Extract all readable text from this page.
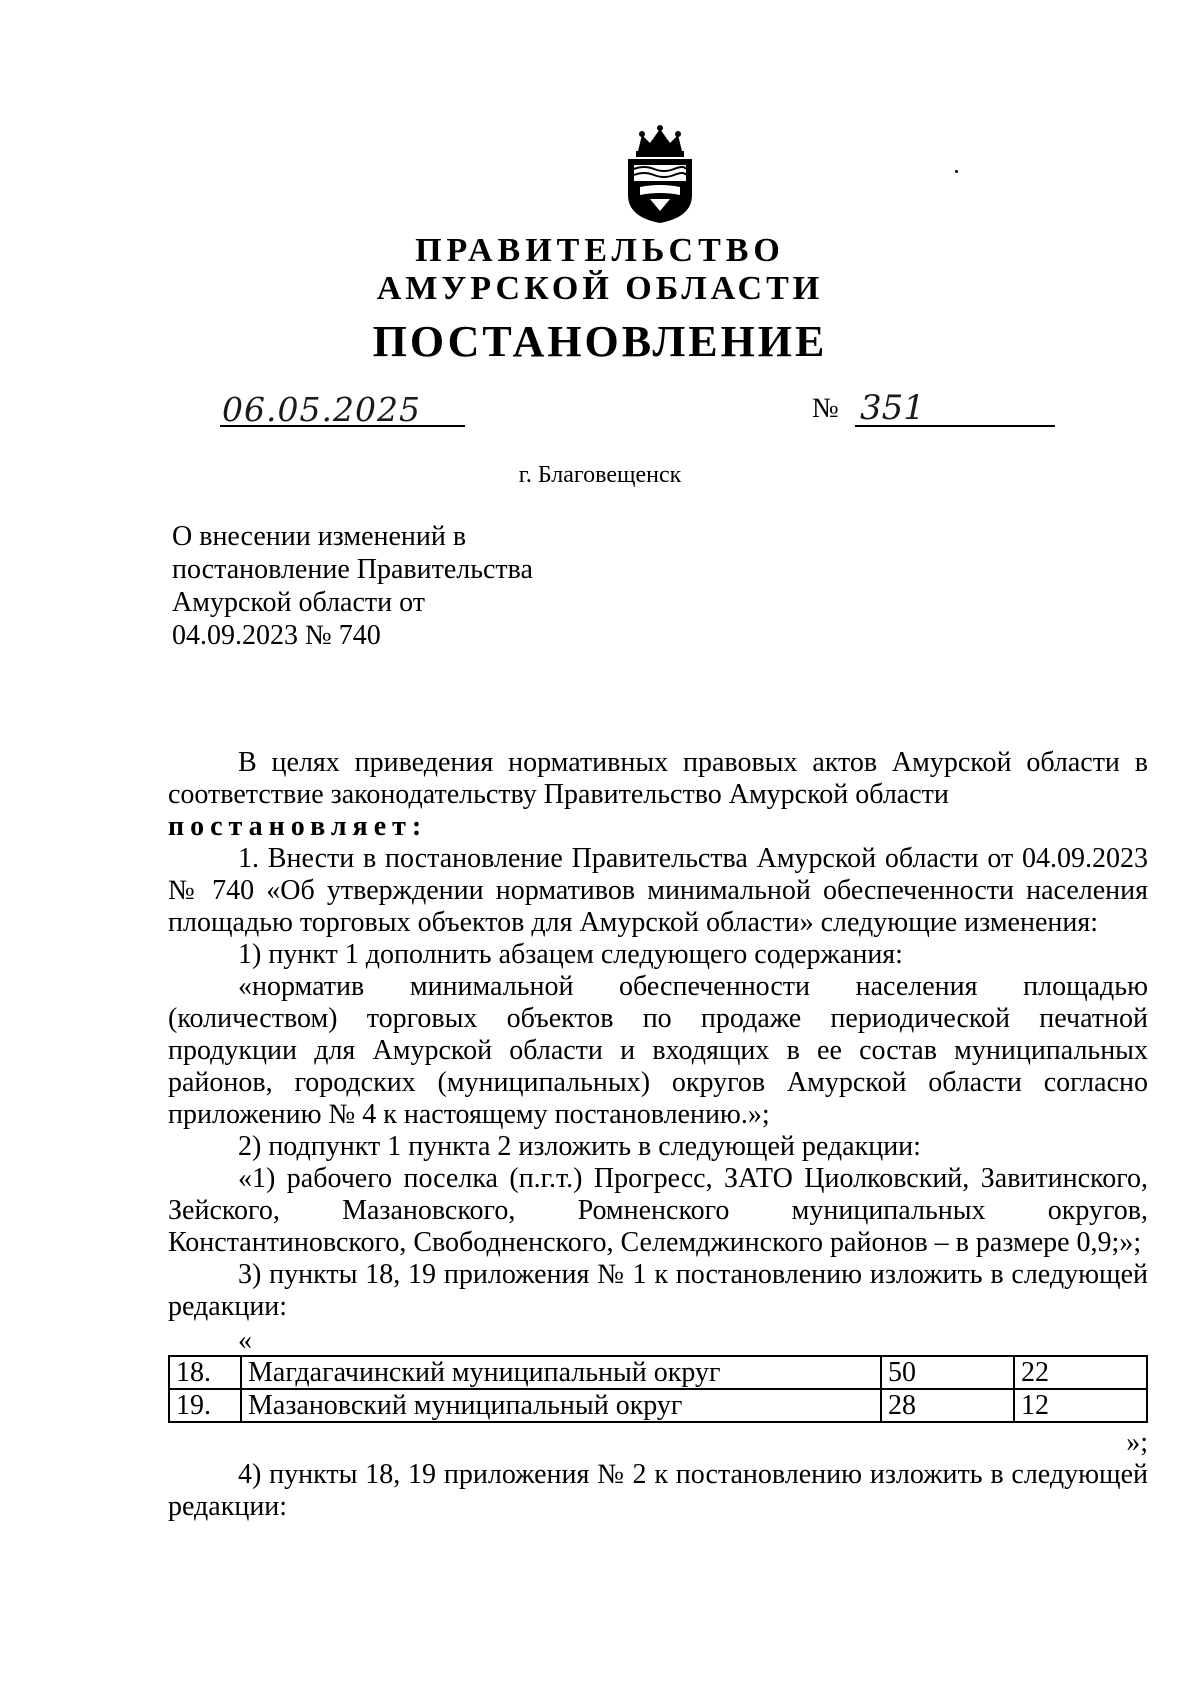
ПРАВИТЕЛЬСТВО
АМУРСКОЙ ОБЛАСТИ
ПОСТАНОВЛЕНИЕ
06.05.2025	№ 351
г. Благовещенск
О внесении изменений в
постановление Правительства
Амурской области от
04.09.2023 № 740

В целях приведения нормативных правовых актов Амурской области в соответствие законодательству Правительство Амурской области

постановляет:

1. Внести в постановление Правительства Амурской области от 04.09.2023 № 740 «Об утверждении нормативов минимальной обеспеченности населения площадью торговых объектов для Амурской области» следующие изменения:

1) пункт 1 дополнить абзацем следующего содержания:

«норматив минимальной обеспеченности населения площадью (количеством) торговых объектов по продаже периодической печатной продукции для Амурской области и входящих в ее состав муниципальных районов, городских (муниципальных) округов Амурской области согласно приложению № 4 к настоящему постановлению.»;

2) подпункт 1 пункта 2 изложить в следующей редакции:

«1) рабочего поселка (п.г.т.) Прогресс, ЗАТО Циолковский, Завитинского, Зейского, Мазановского, Ромненского муниципальных округов, Константиновского, Свободненского, Селемджинского районов – в размере 0,9;»;

3) пункты 18, 19 приложения № 1 к постановлению изложить в следующей редакции:

«
18.	Магдагачинский муниципальный округ	50	22
19.	Мазановский муниципальный округ	28	12
»;

4) пункты 18, 19 приложения № 2 к постановлению изложить в следующей редакции:
